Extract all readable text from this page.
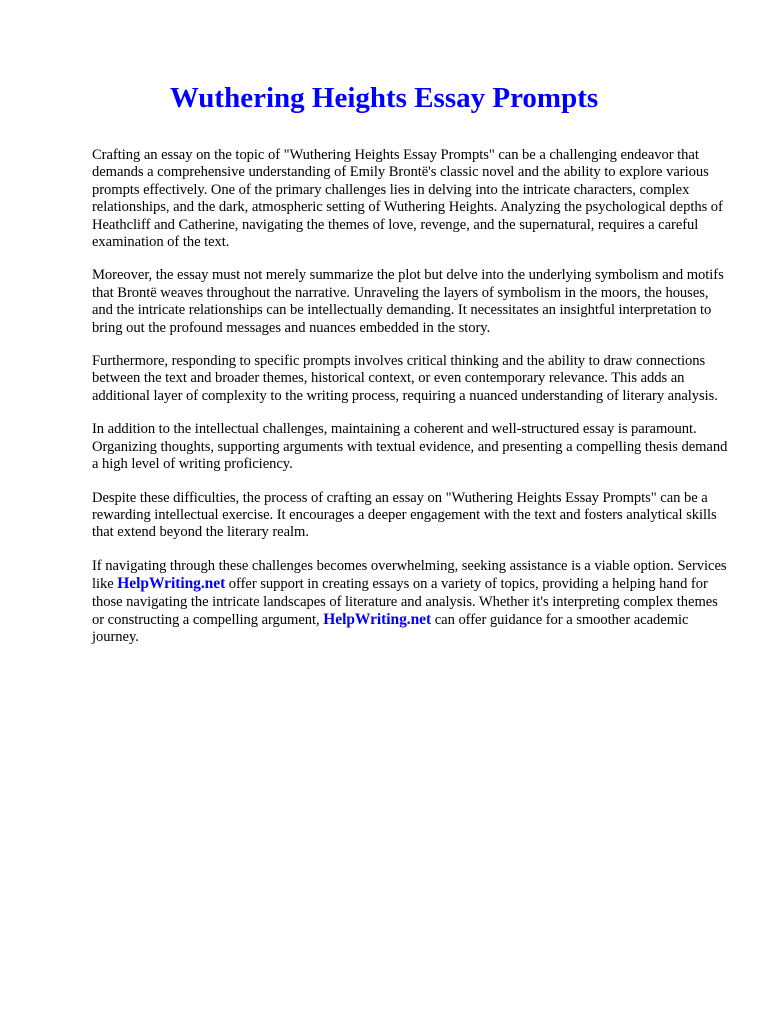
Wuthering Heights Essay Prompts

Crafting an essay on the topic of "Wuthering Heights Essay Prompts" can be a challenging endeavor that demands a comprehensive understanding of Emily Brontë's classic novel and the ability to explore various prompts effectively. One of the primary challenges lies in delving into the intricate characters, complex relationships, and the dark, atmospheric setting of Wuthering Heights. Analyzing the psychological depths of Heathcliff and Catherine, navigating the themes of love, revenge, and the supernatural, requires a careful examination of the text.

Moreover, the essay must not merely summarize the plot but delve into the underlying symbolism and motifs that Brontë weaves throughout the narrative. Unraveling the layers of symbolism in the moors, the houses, and the intricate relationships can be intellectually demanding. It necessitates an insightful interpretation to bring out the profound messages and nuances embedded in the story.

Furthermore, responding to specific prompts involves critical thinking and the ability to draw connections between the text and broader themes, historical context, or even contemporary relevance. This adds an additional layer of complexity to the writing process, requiring a nuanced understanding of literary analysis.

In addition to the intellectual challenges, maintaining a coherent and well-structured essay is paramount. Organizing thoughts, supporting arguments with textual evidence, and presenting a compelling thesis demand a high level of writing proficiency.

Despite these difficulties, the process of crafting an essay on "Wuthering Heights Essay Prompts" can be a rewarding intellectual exercise. It encourages a deeper engagement with the text and fosters analytical skills that extend beyond the literary realm.

If navigating through these challenges becomes overwhelming, seeking assistance is a viable option. Services like HelpWriting.net offer support in creating essays on a variety of topics, providing a helping hand for those navigating the intricate landscapes of literature and analysis. Whether it's interpreting complex themes or constructing a compelling argument, HelpWriting.net can offer guidance for a smoother academic journey.
